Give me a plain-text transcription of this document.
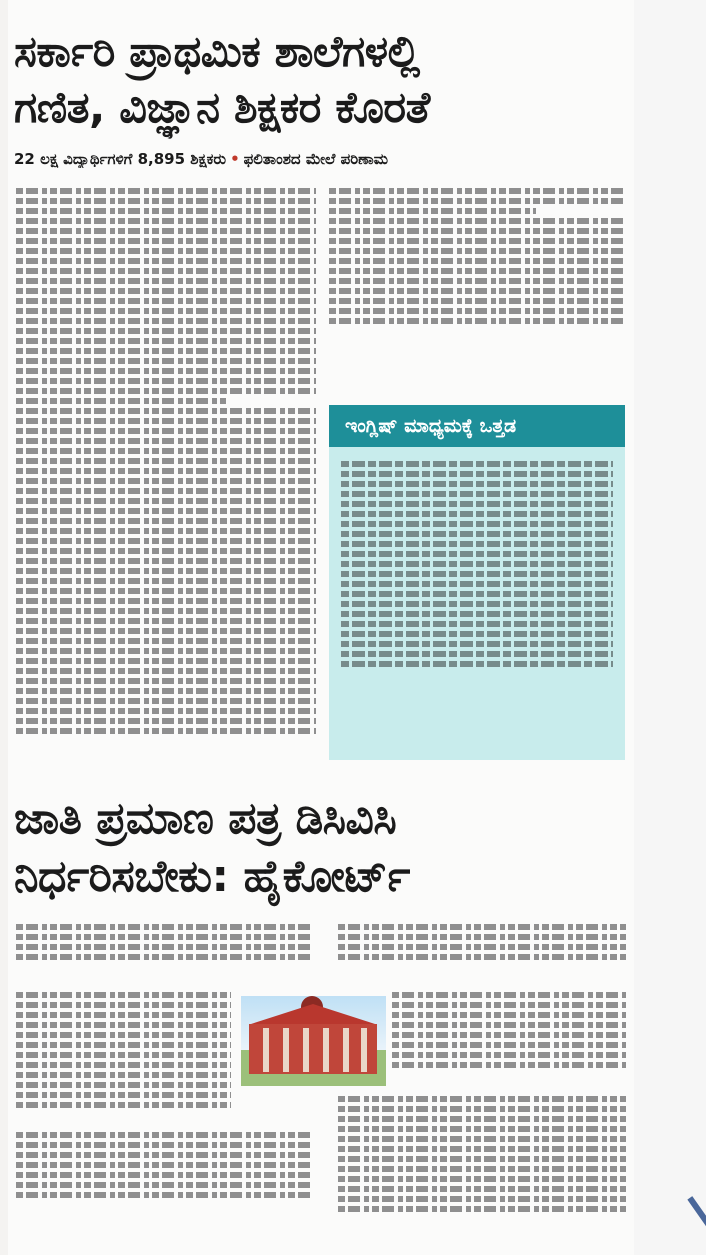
ಸರ್ಕಾರಿ ಪ್ರಾಥಮಿಕ ಶಾಲೆಗಳಲ್ಲಿ
ಗಣಿತ, ವಿಜ್ಞಾನ ಶಿಕ್ಷಕರ ಕೊರತೆ
22 ಲಕ್ಷ ವಿದ್ಯಾರ್ಥಿಗಳಿಗೆ 8,895 ಶಿಕ್ಷಕರು • ಫಲಿತಾಂಶದ ಮೇಲೆ ಪರಿಣಾಮ
ಇಂಗ್ಲಿಷ್ ಮಾಧ್ಯಮಕ್ಕೆ ಒತ್ತಡ
ಜಾತಿ ಪ್ರಮಾಣ ಪತ್ರ ಡಿಸಿವಿಸಿ
ನಿರ್ಧರಿಸಬೇಕು: ಹೈಕೋರ್ಟ್
